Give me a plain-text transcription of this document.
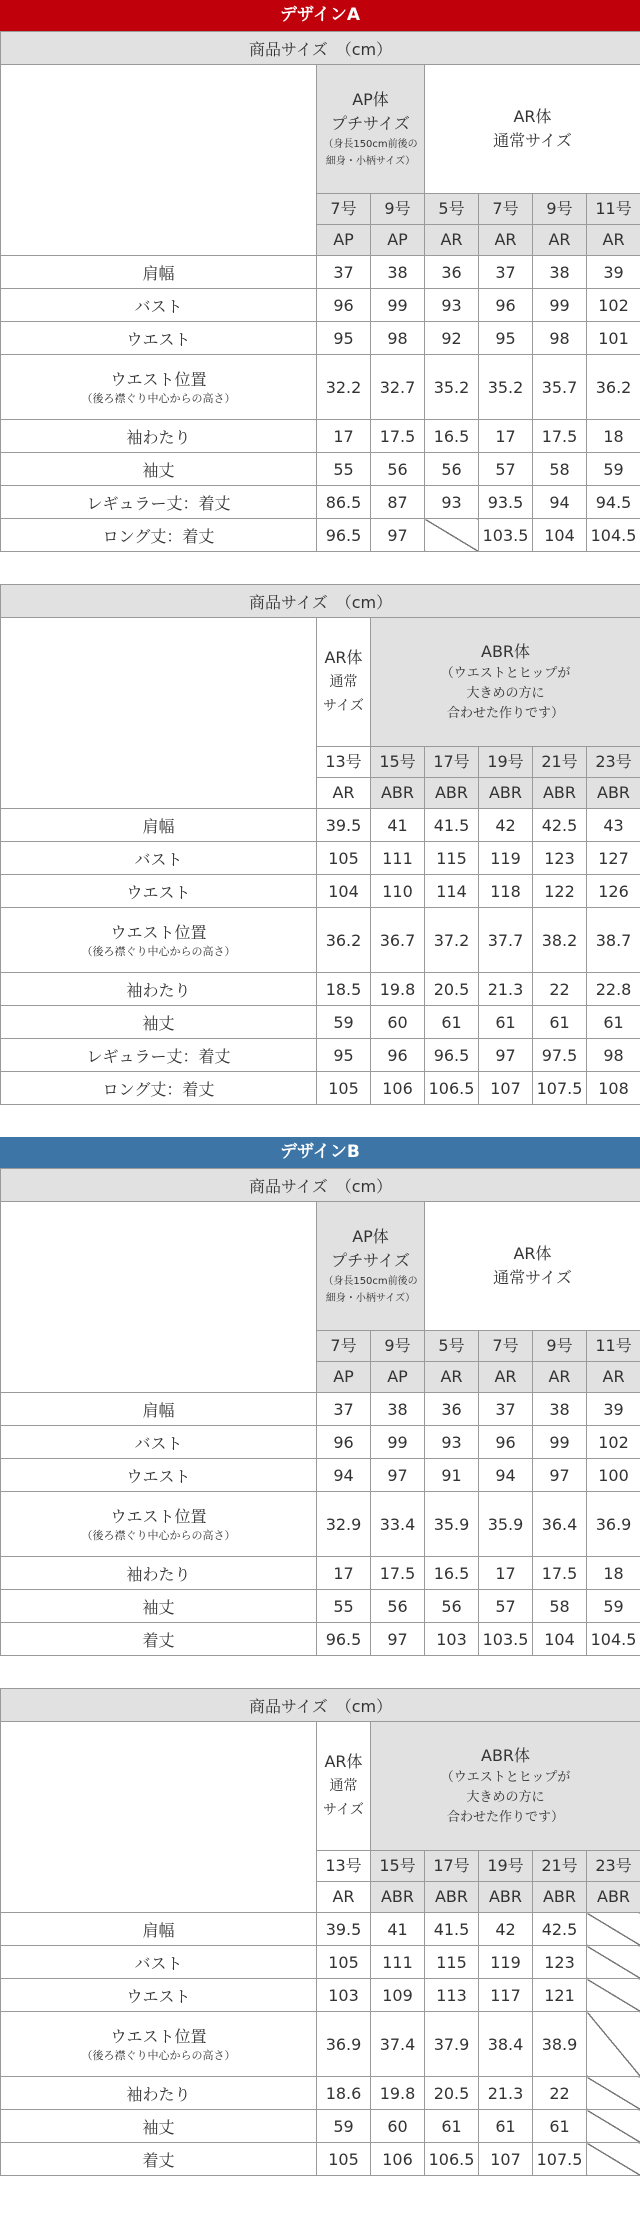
デザインA
商品サイズ　（cm）						

	AP体
プチサイズ
（身長150cm前後の
細身・小柄サイズ）		AR体
通常サイズ			

	7号	9号	5号	7号	9号	11号
	AP	AP	AR	AR	AR	AR
肩幅	37	38	36	37	38	39
バスト	96	99	93	96	99	102
ウエスト	95	98	92	95	98	101
ウエスト位置
（後ろ襟ぐり中心からの高さ）	32.2	32.7	35.2	35.2	35.7	36.2
袖わたり	17	17.5	16.5	17	17.5	18
袖丈	55	56	56	57	58	59
レギュラー丈：着丈	86.5	87	93	93.5	94	94.5
ロング丈：着丈	96.5	97		103.5	104	104.5
商品サイズ　（cm）						

	AR体
通常
サイズ	ABR体
（ウエストとヒップが
大きめの方に
合わせた作りです）				

	13号	15号	17号	19号	21号	23号
	AR	ABR	ABR	ABR	ABR	ABR
肩幅	39.5	41	41.5	42	42.5	43
バスト	105	111	115	119	123	127
ウエスト	104	110	114	118	122	126
ウエスト位置
（後ろ襟ぐり中心からの高さ）	36.2	36.7	37.2	37.7	38.2	38.7
袖わたり	18.5	19.8	20.5	21.3	22	22.8
袖丈	59	60	61	61	61	61
レギュラー丈：着丈	95	96	96.5	97	97.5	98
ロング丈：着丈	105	106	106.5	107	107.5	108
デザインB
商品サイズ　（cm）						

	AP体
プチサイズ
（身長150cm前後の
細身・小柄サイズ）		AR体
通常サイズ			

	7号	9号	5号	7号	9号	11号
	AP	AP	AR	AR	AR	AR
肩幅	37	38	36	37	38	39
バスト	96	99	93	96	99	102
ウエスト	94	97	91	94	97	100
ウエスト位置
（後ろ襟ぐり中心からの高さ）	32.9	33.4	35.9	35.9	36.4	36.9
袖わたり	17	17.5	16.5	17	17.5	18
袖丈	55	56	56	57	58	59
着丈	96.5	97	103	103.5	104	104.5
商品サイズ　（cm）						

	AR体
通常
サイズ	ABR体
（ウエストとヒップが
大きめの方に
合わせた作りです）				

	13号	15号	17号	19号	21号	23号
	AR	ABR	ABR	ABR	ABR	ABR
肩幅	39.5	41	41.5	42	42.5	
バスト	105	111	115	119	123	
ウエスト	103	109	113	117	121	
ウエスト位置
（後ろ襟ぐり中心からの高さ）	36.9	37.4	37.9	38.4	38.9	
袖わたり	18.6	19.8	20.5	21.3	22	
袖丈	59	60	61	61	61	
着丈	105	106	106.5	107	107.5	
